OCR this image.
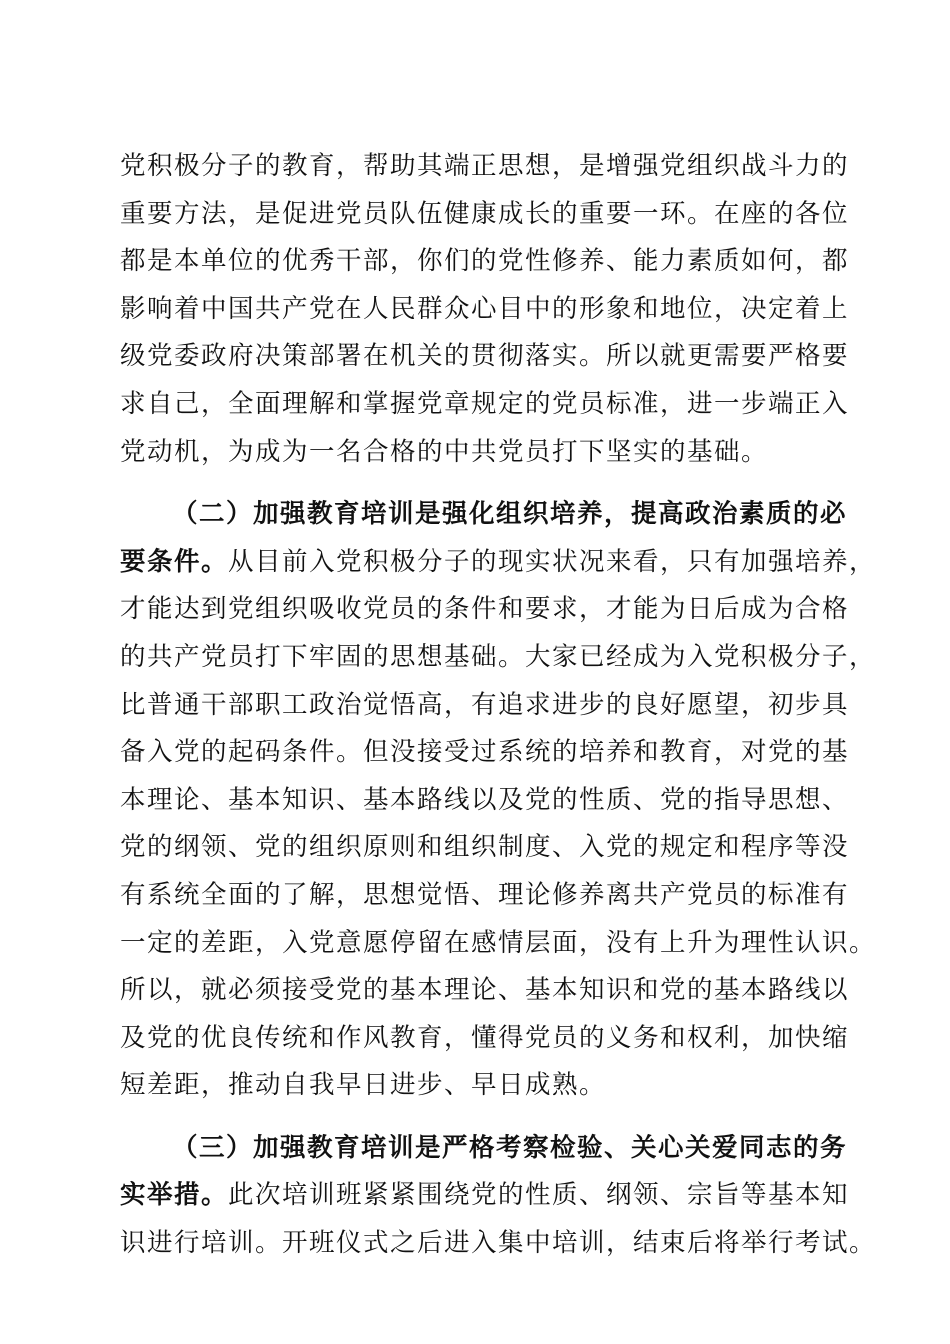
党积极分子的教育，帮助其端正思想，是增强党组织战斗力的
重要方法，是促进党员队伍健康成长的重要一环。在座的各位
都是本单位的优秀干部，你们的党性修养、能力素质如何，都
影响着中国共产党在人民群众心目中的形象和地位，决定着上
级党委政府决策部署在机关的贯彻落实。所以就更需要严格要
求自己，全面理解和掌握党章规定的党员标准，进一步端正入
党动机，为成为一名合格的中共党员打下坚实的基础。
（二）加强教育培训是强化组织培养，提高政治素质的必
要条件。从目前入党积极分子的现实状况来看，只有加强培养，
才能达到党组织吸收党员的条件和要求，才能为日后成为合格
的共产党员打下牢固的思想基础。大家已经成为入党积极分子，
比普通干部职工政治觉悟高，有追求进步的良好愿望，初步具
备入党的起码条件。但没接受过系统的培养和教育，对党的基
本理论、基本知识、基本路线以及党的性质、党的指导思想、
党的纲领、党的组织原则和组织制度、入党的规定和程序等没
有系统全面的了解，思想觉悟、理论修养离共产党员的标准有
一定的差距，入党意愿停留在感情层面，没有上升为理性认识。
所以，就必须接受党的基本理论、基本知识和党的基本路线以
及党的优良传统和作风教育，懂得党员的义务和权利，加快缩
短差距，推动自我早日进步、早日成熟。
（三）加强教育培训是严格考察检验、关心关爱同志的务
实举措。此次培训班紧紧围绕党的性质、纲领、宗旨等基本知
识进行培训。开班仪式之后进入集中培训，结束后将举行考试。
